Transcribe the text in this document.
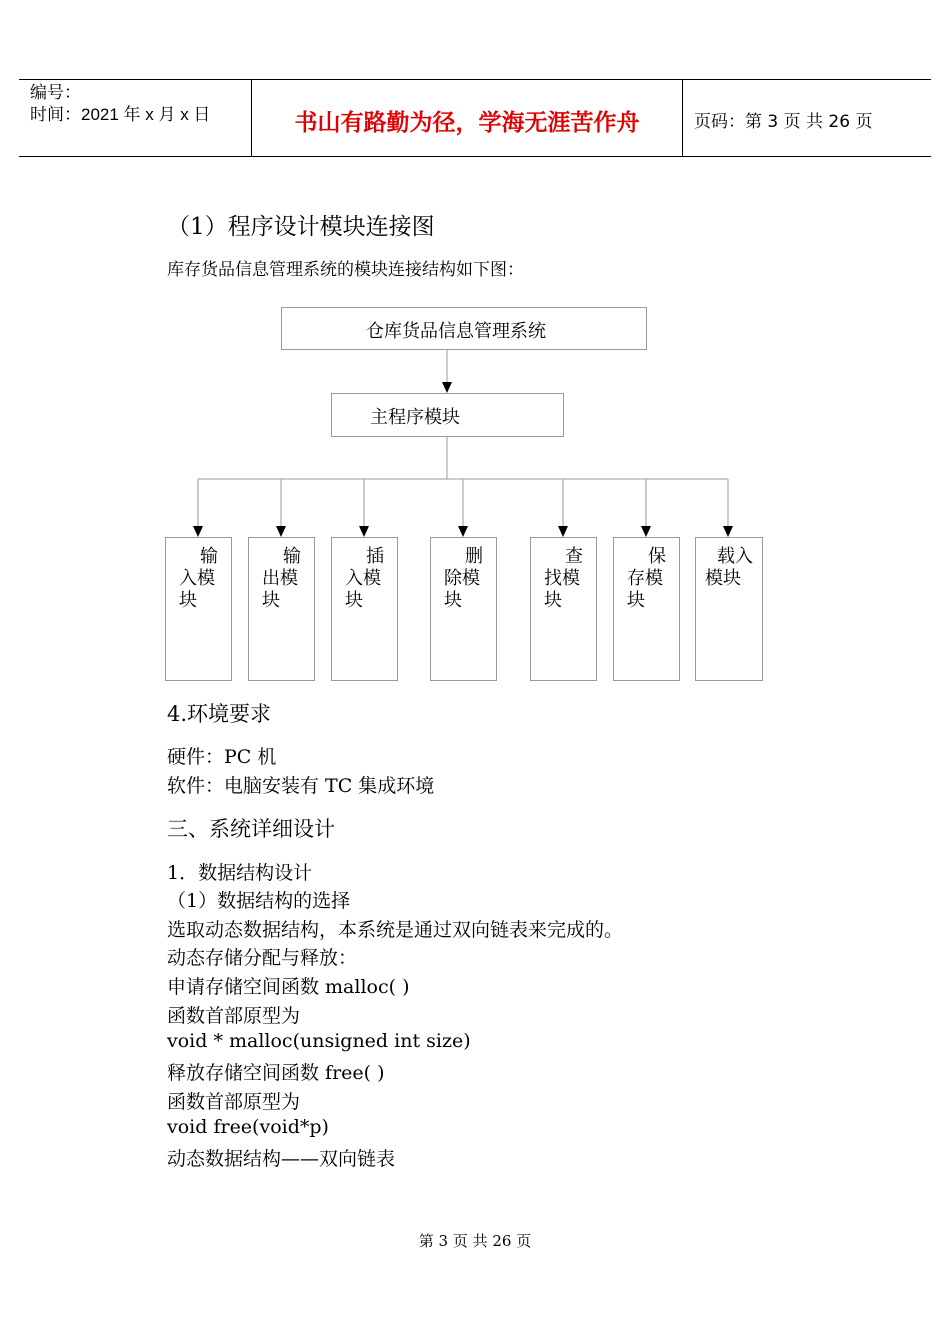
编号：
时间：2021 年 x 月 x 日	书山有路勤为径，学海无涯苦作舟	页码：第 3 页 共 26 页
（1）程序设计模块连接图
库存货品信息管理系统的模块连接结构如下图：
仓库货品信息管理系统
主程序模块
输
入模
块
输
出模
块
插
入模
块
删
除模
块
查
找模
块
保
存模
块
载入
模块
4.环境要求
硬件：PC 机
软件：电脑安装有 TC 集成环境
三、系统详细设计
1．数据结构设计
（1）数据结构的选择
选取动态数据结构，本系统是通过双向链表来完成的。
动态存储分配与释放：
申请存储空间函数 malloc( )
函数首部原型为
void * malloc(unsigned int size)
释放存储空间函数 free( )
函数首部原型为
void free(void*p)
动态数据结构——双向链表
第 3 页 共 26 页
